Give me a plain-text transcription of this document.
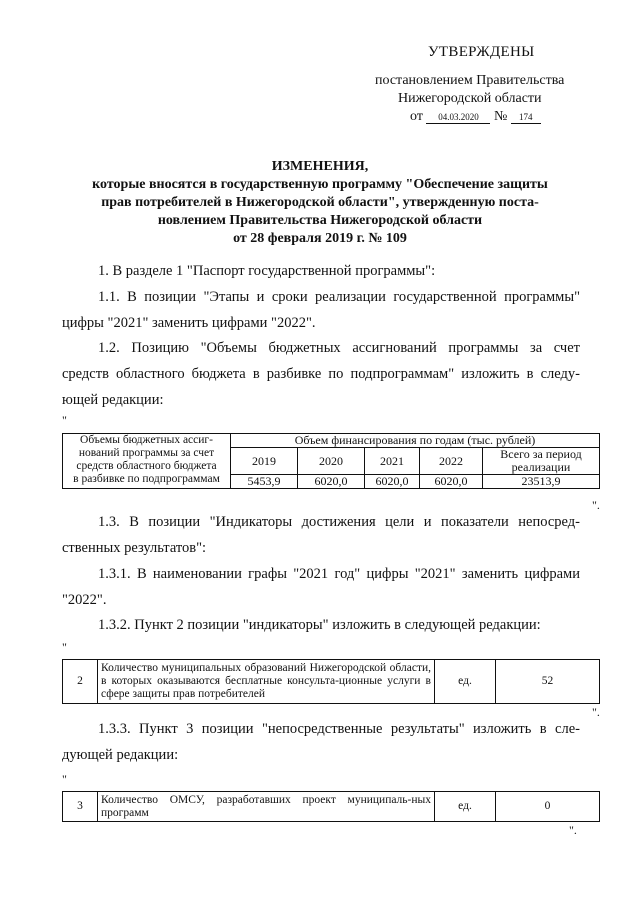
УТВЕРЖДЕНЫ
постановлением Правительства
Нижегородской области
от 04.03.2020 № 174
ИЗМЕНЕНИЯ,
которые вносятся в государственную программу "Обеспечение защиты
прав потребителей в Нижегородской области", утвержденную поста-
новлением Правительства Нижегородской области
от 28 февраля 2019 г. № 109
1. В разделе 1 "Паспорт государственной программы":
1.1. В позиции "Этапы и сроки реализации государственной программы"
цифры "2021" заменить цифрами "2022".
1.2. Позицию "Объемы бюджетных ассигнований программы за счет
средств областного бюджета в разбивке по подпрограммам" изложить в следу-
ющей редакции:
"
Объемы бюджетных ассиг-
нований программы за счет
средств областного бюджета
в разбивке по подпрограммам	Объем финансирования по годам (тыс. рублей)				
	2019	2020	2021	2022	Всего за период
реализации

	5453,9	6020,0	6020,0	6020,0	23513,9
".
1.3. В позиции "Индикаторы достижения цели и показатели непосред-
ственных результатов":
1.3.1. В наименовании графы "2021 год" цифры "2021" заменить цифрами
"2022".
1.3.2. Пункт 2 позиции "индикаторы" изложить в следующей редакции:
"
2	Количество муниципальных образований Нижегородской области, в которых оказываются бесплатные консульта-ционные услуги в сфере защиты прав потребителей	ед.	52
".
1.3.3. Пункт 3 позиции "непосредственные результаты" изложить в сле-
дующей редакции:
"
3	Количество ОМСУ, разработавших проект муниципаль-ных программ	ед.	0
".
